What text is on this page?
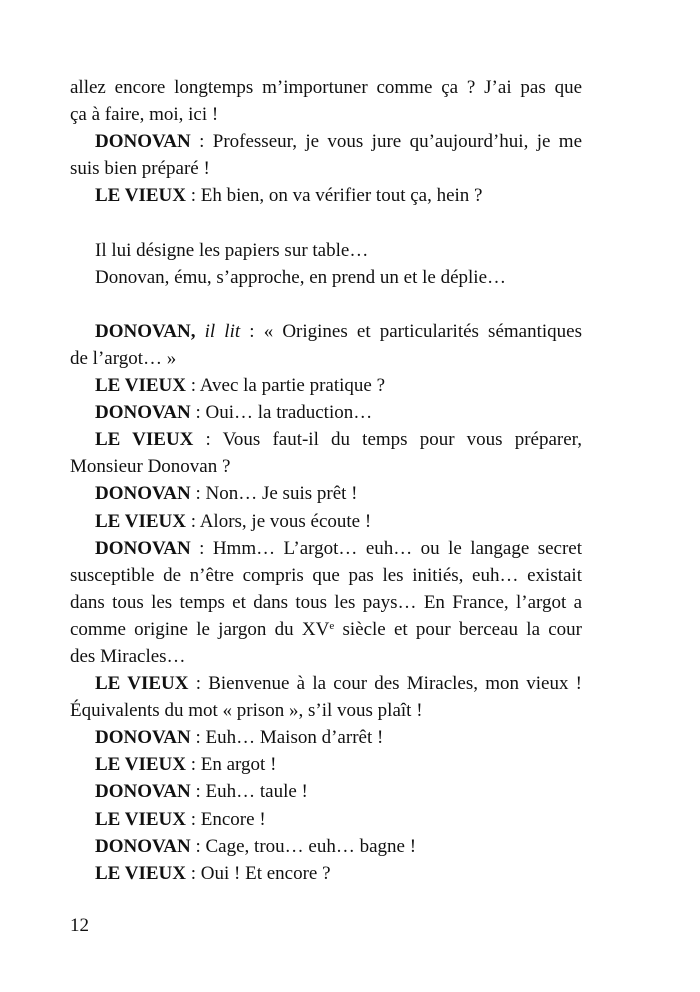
allez encore longtemps m’importuner comme ça ? J’ai pas que
ça à faire, moi, ici !
DONOVAN : Professeur, je vous jure qu’aujourd’hui, je me
suis bien préparé !
LE VIEUX : Eh bien, on va vérifier tout ça, hein ?
Il lui désigne les papiers sur table…
Donovan, ému, s’approche, en prend un et le déplie…
DONOVAN, il lit : « Origines et particularités sémantiques
de l’argot… »
LE VIEUX : Avec la partie pratique ?
DONOVAN : Oui… la traduction…
LE VIEUX : Vous faut-il du temps pour vous préparer,
Monsieur Donovan ?
DONOVAN : Non… Je suis prêt !
LE VIEUX : Alors, je vous écoute !
DONOVAN : Hmm… L’argot… euh… ou le langage secret
susceptible de n’être compris que pas les initiés, euh… existait
dans tous les temps et dans tous les pays… En France, l’argot a
comme origine le jargon du XVe siècle et pour berceau la cour
des Miracles…
LE VIEUX : Bienvenue à la cour des Miracles, mon vieux !
Équivalents du mot « prison », s’il vous plaît !
DONOVAN : Euh… Maison d’arrêt !
LE VIEUX : En argot !
DONOVAN : Euh… taule !
LE VIEUX : Encore !
DONOVAN : Cage, trou… euh… bagne !
LE VIEUX : Oui ! Et encore ?
12
